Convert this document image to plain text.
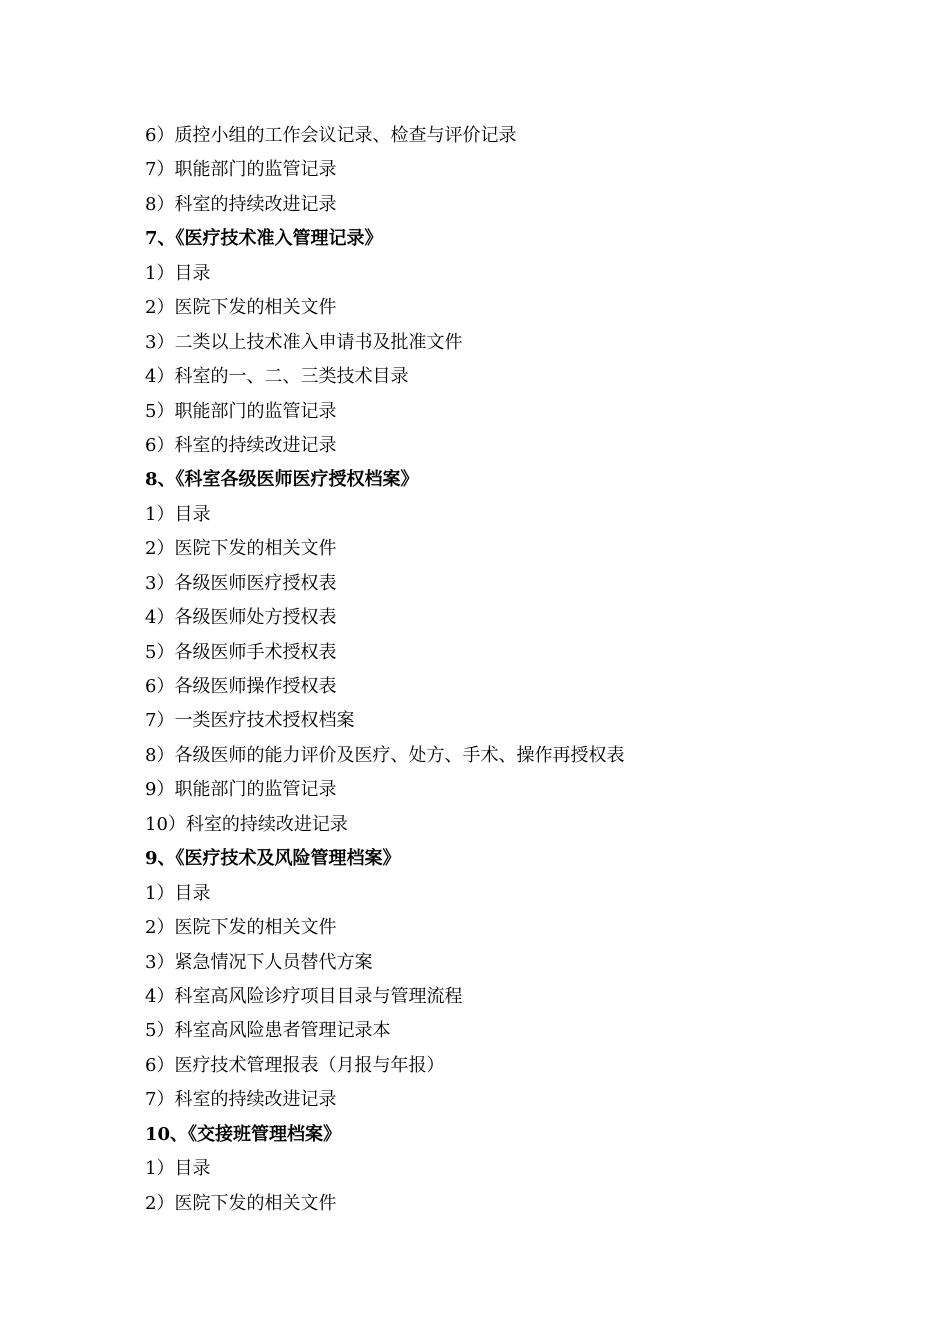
6）质控小组的工作会议记录、检查与评价记录
7）职能部门的监管记录
8）科室的持续改进记录
7、《医疗技术准入管理记录》
1）目录
2）医院下发的相关文件
3）二类以上技术准入申请书及批准文件
4）科室的一、二、三类技术目录
5）职能部门的监管记录
6）科室的持续改进记录
8、《科室各级医师医疗授权档案》
1）目录
2）医院下发的相关文件
3）各级医师医疗授权表
4）各级医师处方授权表
5）各级医师手术授权表
6）各级医师操作授权表
7）一类医疗技术授权档案
8）各级医师的能力评价及医疗、处方、手术、操作再授权表
9）职能部门的监管记录
10）科室的持续改进记录
9、《医疗技术及风险管理档案》
1）目录
2）医院下发的相关文件
3）紧急情况下人员替代方案
4）科室高风险诊疗项目目录与管理流程
5）科室高风险患者管理记录本
6）医疗技术管理报表（月报与年报）
7）科室的持续改进记录
10、《交接班管理档案》
1）目录
2）医院下发的相关文件
